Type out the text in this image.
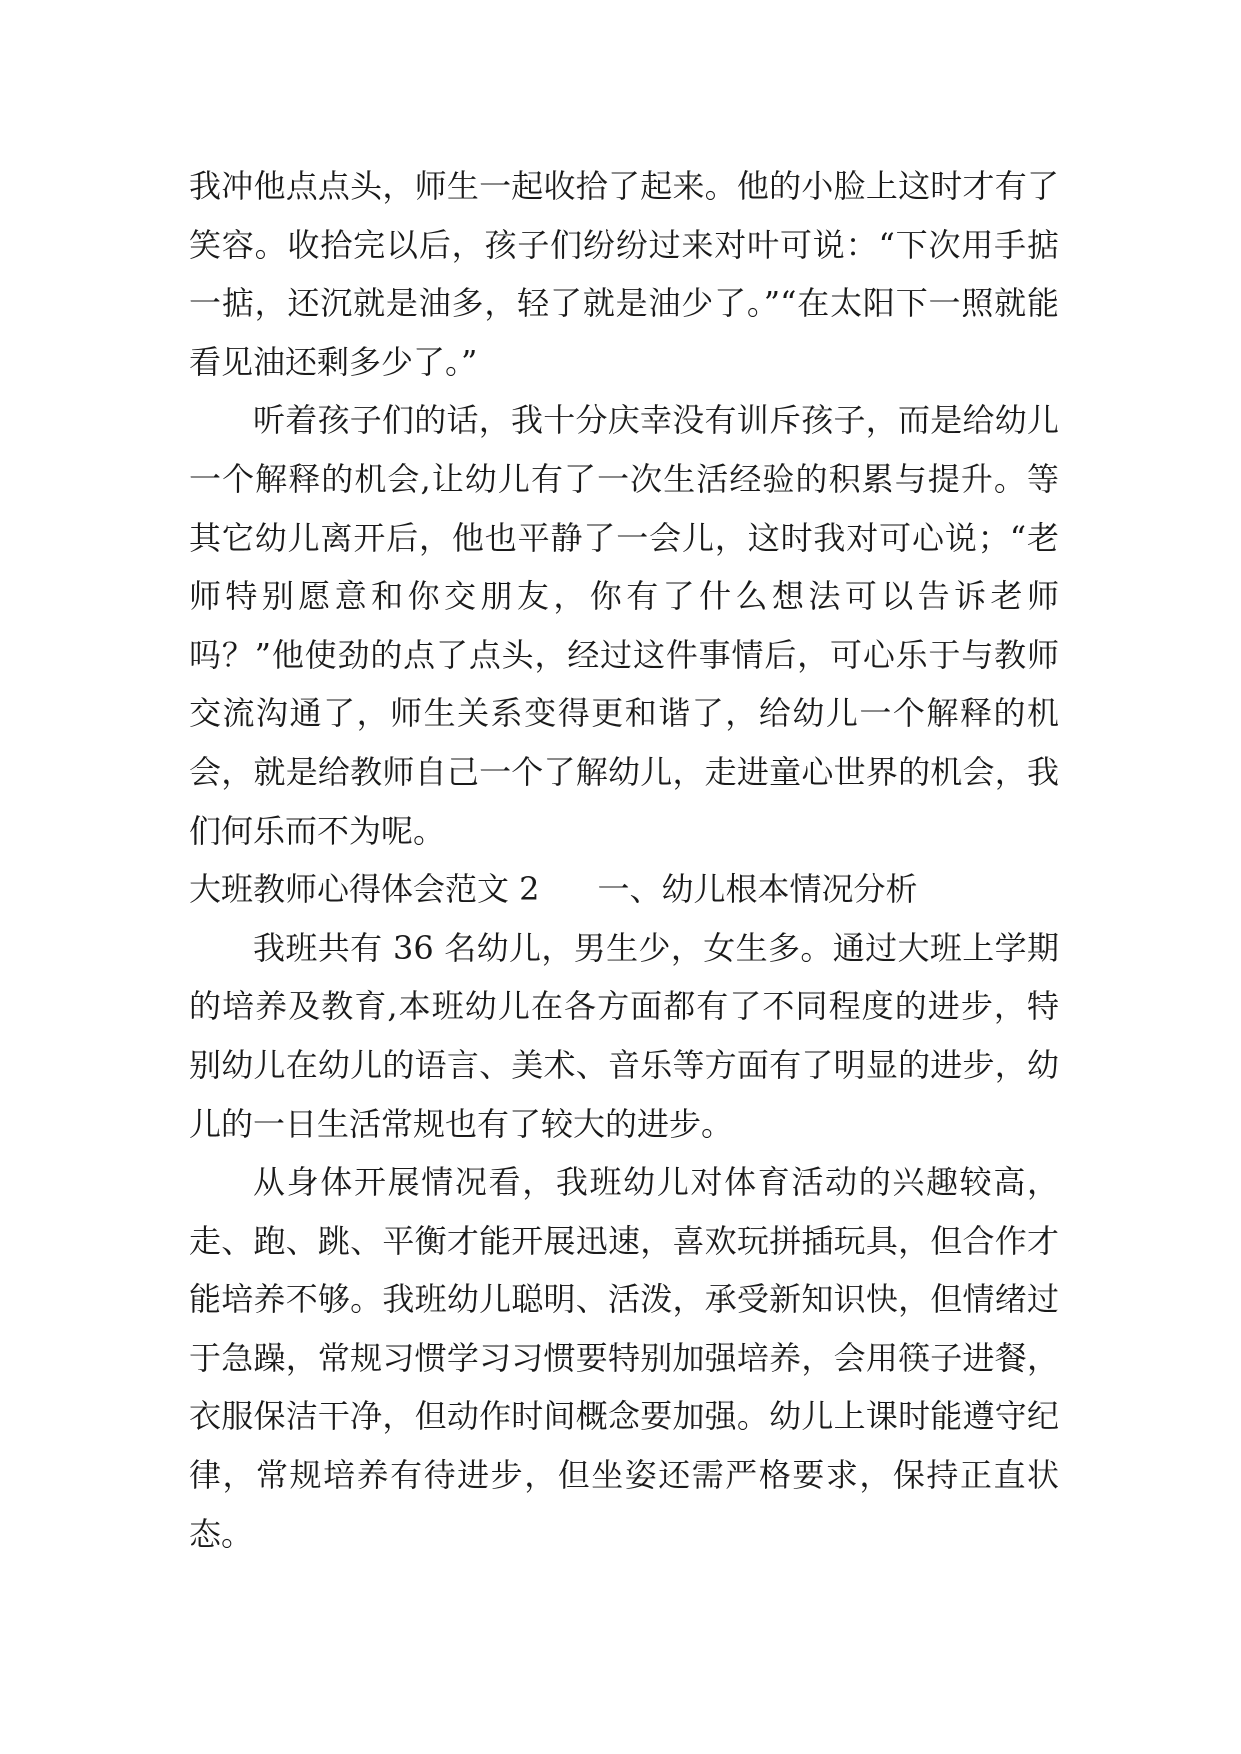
我冲他点点头，师生一起收拾了起来。他的小脸上这时才有了笑容。收拾完以后，孩子们纷纷过来对叶可说：“下次用手掂一掂，还沉就是油多，轻了就是油少了。”“在太阳下一照就能看见油还剩多少了。”

听着孩子们的话，我十分庆幸没有训斥孩子，而是给幼儿一个解释的机会,让幼儿有了一次生活经验的积累与提升。等其它幼儿离开后，他也平静了一会儿，这时我对可心说；“老师特别愿意和你交朋友，你有了什么想法可以告诉老师吗？”他使劲的点了点头，经过这件事情后，可心乐于与教师交流沟通了，师生关系变得更和谐了，给幼儿一个解释的机会，就是给教师自己一个了解幼儿，走进童心世界的机会，我们何乐而不为呢。

大班教师心得体会范文 2 一、幼儿根本情况分析

我班共有 36 名幼儿，男生少，女生多。通过大班上学期的培养及教育,本班幼儿在各方面都有了不同程度的进步，特别幼儿在幼儿的语言、美术、音乐等方面有了明显的进步，幼儿的一日生活常规也有了较大的进步。

从身体开展情况看，我班幼儿对体育活动的兴趣较高，走、跑、跳、平衡才能开展迅速，喜欢玩拼插玩具，但合作才能培养不够。我班幼儿聪明、活泼，承受新知识快，但情绪过于急躁，常规习惯学习习惯要特别加强培养，会用筷子进餐，衣服保洁干净，但动作时间概念要加强。幼儿上课时能遵守纪律，常规培养有待进步，但坐姿还需严格要求，保持正直状态。
